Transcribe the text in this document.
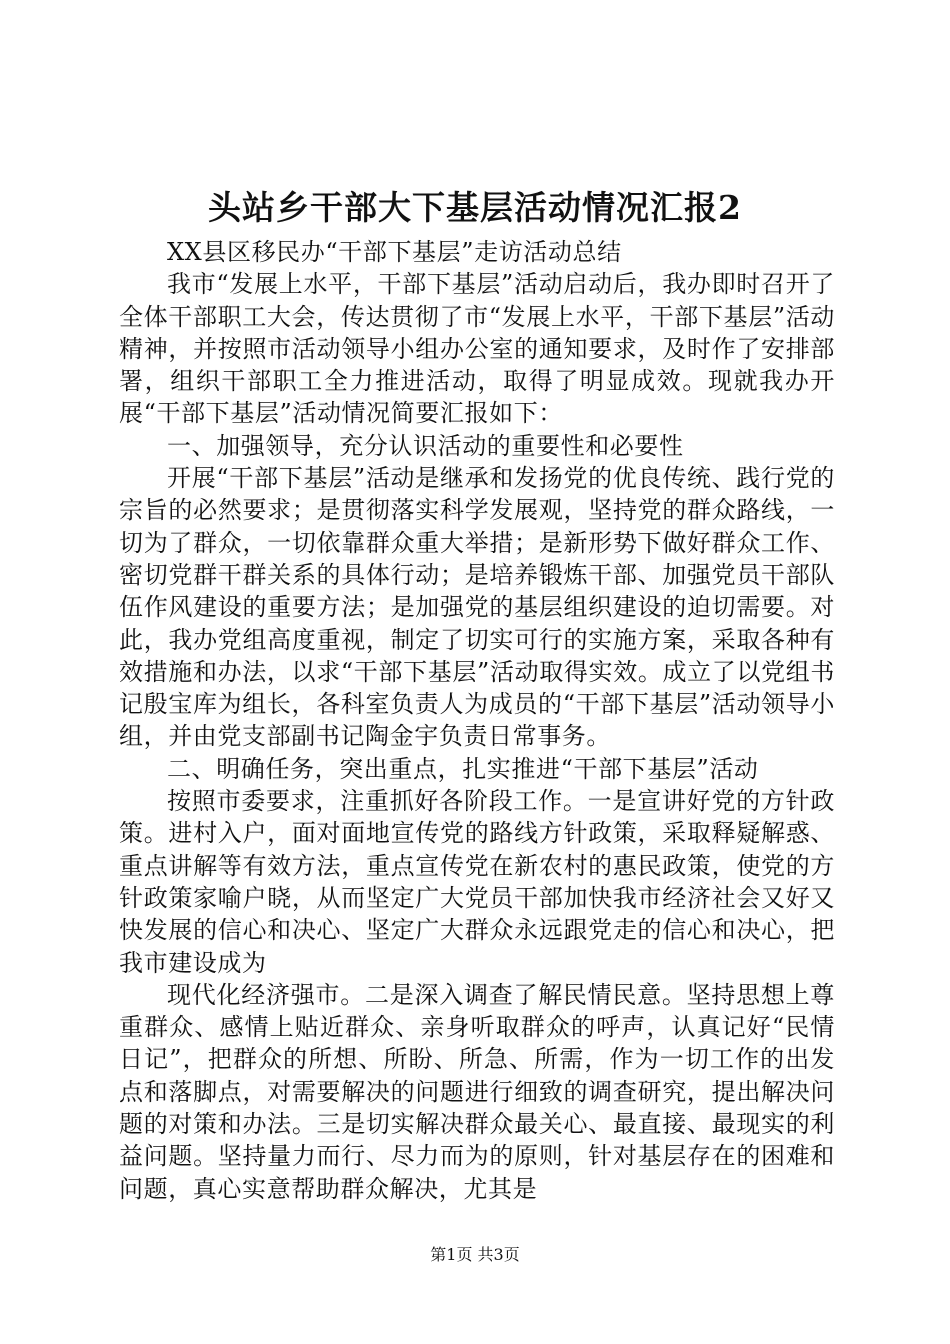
头站乡干部大下基层活动情况汇报2

XX县区移民办“干部下基层”走访活动总结

我市“发展上水平，干部下基层”活动启动后，我办即时召开了全体干部职工大会，传达贯彻了市“发展上水平，干部下基层”活动精神，并按照市活动领导小组办公室的通知要求，及时作了安排部署，组织干部职工全力推进活动，取得了明显成效。现就我办开展“干部下基层”活动情况简要汇报如下：

一、加强领导，充分认识活动的重要性和必要性

开展“干部下基层”活动是继承和发扬党的优良传统、践行党的宗旨的必然要求；是贯彻落实科学发展观，坚持党的群众路线，一切为了群众，一切依靠群众重大举措；是新形势下做好群众工作、密切党群干群关系的具体行动；是培养锻炼干部、加强党员干部队伍作风建设的重要方法；是加强党的基层组织建设的迫切需要。对此，我办党组高度重视，制定了切实可行的实施方案，采取各种有效措施和办法，以求“干部下基层”活动取得实效。成立了以党组书记殷宝库为组长，各科室负责人为成员的“干部下基层”活动领导小组，并由党支部副书记陶金宇负责日常事务。

二、明确任务，突出重点，扎实推进“干部下基层”活动

按照市委要求，注重抓好各阶段工作。一是宣讲好党的方针政策。进村入户，面对面地宣传党的路线方针政策，采取释疑解惑、重点讲解等有效方法，重点宣传党在新农村的惠民政策，使党的方针政策家喻户晓，从而坚定广大党员干部加快我市经济社会又好又快发展的信心和决心、坚定广大群众永远跟党走的信心和决心，把我市建设成为

现代化经济强市。二是深入调查了解民情民意。坚持思想上尊重群众、感情上贴近群众、亲身听取群众的呼声，认真记好“民情日记”，把群众的所想、所盼、所急、所需，作为一切工作的出发点和落脚点，对需要解决的问题进行细致的调查研究，提出解决问题的对策和办法。三是切实解决群众最关心、最直接、最现实的利益问题。坚持量力而行、尽力而为的原则，针对基层存在的困难和问题，真心实意帮助群众解决，尤其是

第1页 共3页
